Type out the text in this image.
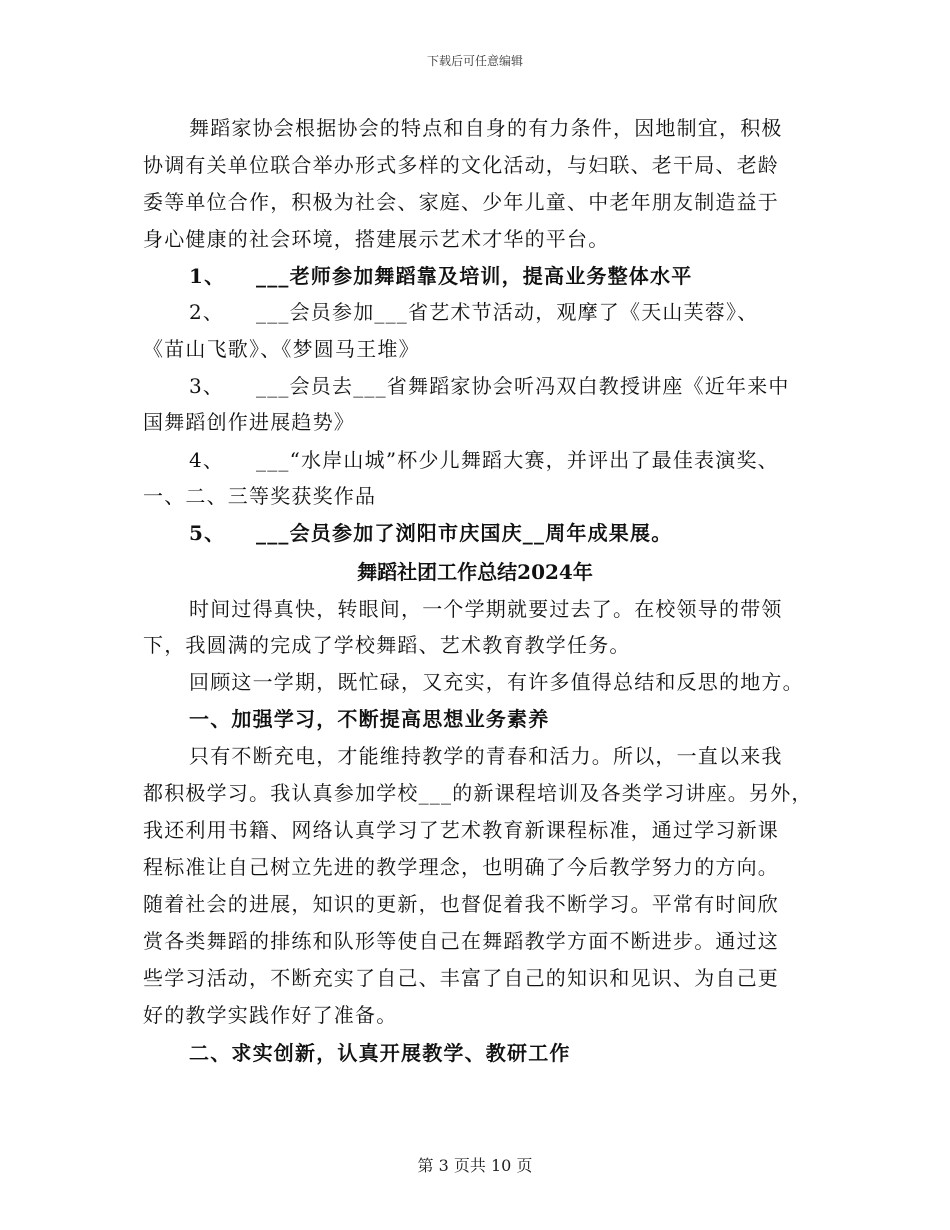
下载后可任意编辑
舞蹈家协会根据协会的特点和自身的有力条件，因地制宜，积极
协调有关单位联合举办形式多样的文化活动，与妇联、老干局、老龄
委等单位合作，积极为社会、家庭、少年儿童、中老年朋友制造益于
身心健康的社会环境，搭建展示艺术才华的平台。
1、 ___老师参加舞蹈靠及培训，提高业务整体水平
2、 ___会员参加___省艺术节活动，观摩了《天山芙蓉》、
《苗山飞歌》、《梦圆马王堆》
3、 ___会员去___省舞蹈家协会听冯双白教授讲座《近年来中
国舞蹈创作进展趋势》
4、 ___“水岸山城”杯少儿舞蹈大赛，并评出了最佳表演奖、
一、二、三等奖获奖作品
5、 ___会员参加了浏阳市庆国庆__周年成果展。
舞蹈社团工作总结2024年
时间过得真快，转眼间，一个学期就要过去了。在校领导的带领
下，我圆满的完成了学校舞蹈、艺术教育教学任务。
回顾这一学期，既忙碌，又充实，有许多值得总结和反思的地方。
一、加强学习，不断提高思想业务素养
只有不断充电，才能维持教学的青春和活力。所以，一直以来我
都积极学习。我认真参加学校___的新课程培训及各类学习讲座。另外，
我还利用书籍、网络认真学习了艺术教育新课程标准，通过学习新课
程标准让自己树立先进的教学理念，也明确了今后教学努力的方向。
随着社会的进展，知识的更新，也督促着我不断学习。平常有时间欣
赏各类舞蹈的排练和队形等使自己在舞蹈教学方面不断进步。通过这
些学习活动，不断充实了自己、丰富了自己的知识和见识、为自己更
好的教学实践作好了准备。
二、求实创新，认真开展教学、教研工作
第 3 页共 10 页
